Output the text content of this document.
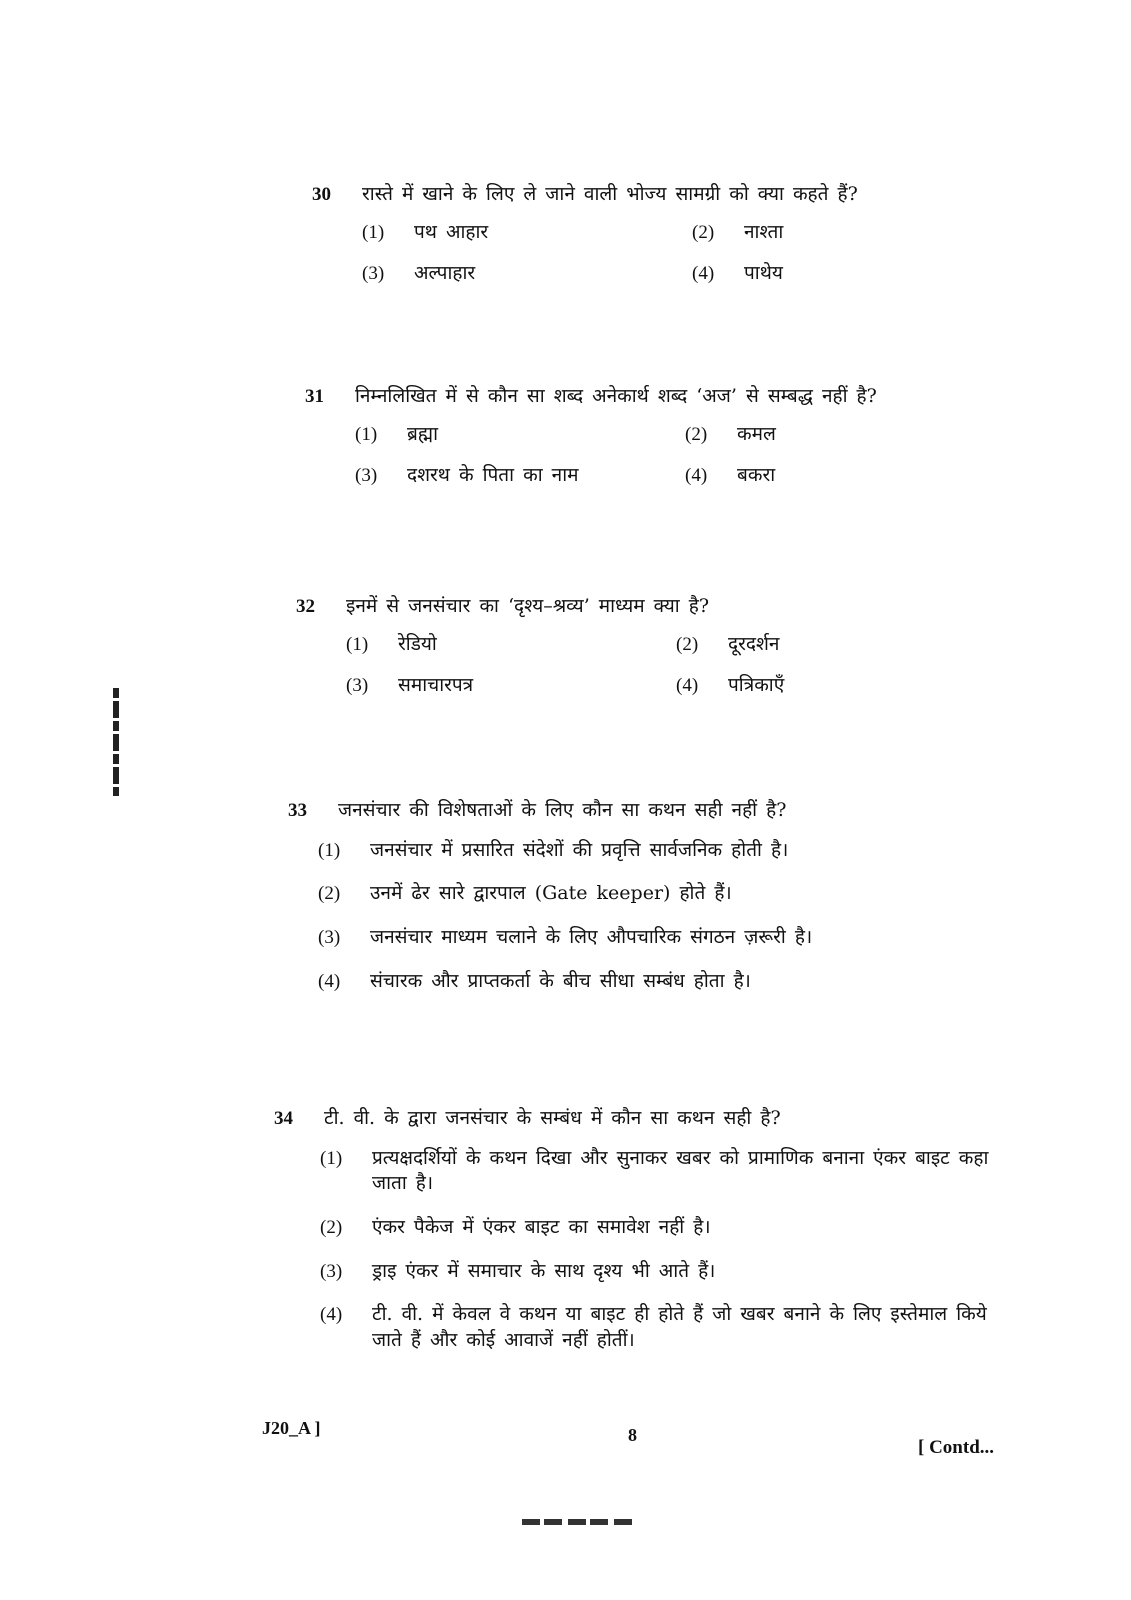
30 रास्ते में खाने के लिए ले जाने वाली भोज्य सामग्री को क्या कहते हैं?
(1) पथ आहार	(2) नाश्ता
(3) अल्पाहार	(4) पाथेय
31 निम्नलिखित में से कौन सा शब्द अनेकार्थ शब्द ‘अज’ से सम्बद्ध नहीं है?
(1) ब्रह्मा	(2) कमल
(3) दशरथ के पिता का नाम	(4) बकरा
32 इनमें से जनसंचार का ‘दृश्य–श्रव्य’ माध्यम क्या है?
(1) रेडियो	(2) दूरदर्शन
(3) समाचारपत्र	(4) पत्रिकाएँ
33 जनसंचार की विशेषताओं के लिए कौन सा कथन सही नहीं है?
(1) जनसंचार में प्रसारित संदेशों की प्रवृत्ति सार्वजनिक होती है।
(2) उनमें ढेर सारे द्वारपाल (Gate keeper) होते हैं।
(3) जनसंचार माध्यम चलाने के लिए औपचारिक संगठन ज़रूरी है।
(4) संचारक और प्राप्तकर्ता के बीच सीधा सम्बंध होता है।
34 टी. वी. के द्वारा जनसंचार के सम्बंध में कौन सा कथन सही है?
(1) प्रत्यक्षदर्शियों के कथन दिखा और सुनाकर खबर को प्रामाणिक बनाना एंकर बाइट कहा जाता है।
(2) एंकर पैकेज में एंकर बाइट का समावेश नहीं है।
(3) ड्राइ एंकर में समाचार के साथ दृश्य भी आते हैं।
(4) टी. वी. में केवल वे कथन या बाइट ही होते हैं जो खबर बनाने के लिए इस्तेमाल किये जाते हैं और कोई आवाजें नहीं होतीं।
J20_A ]	8
[ Contd...
